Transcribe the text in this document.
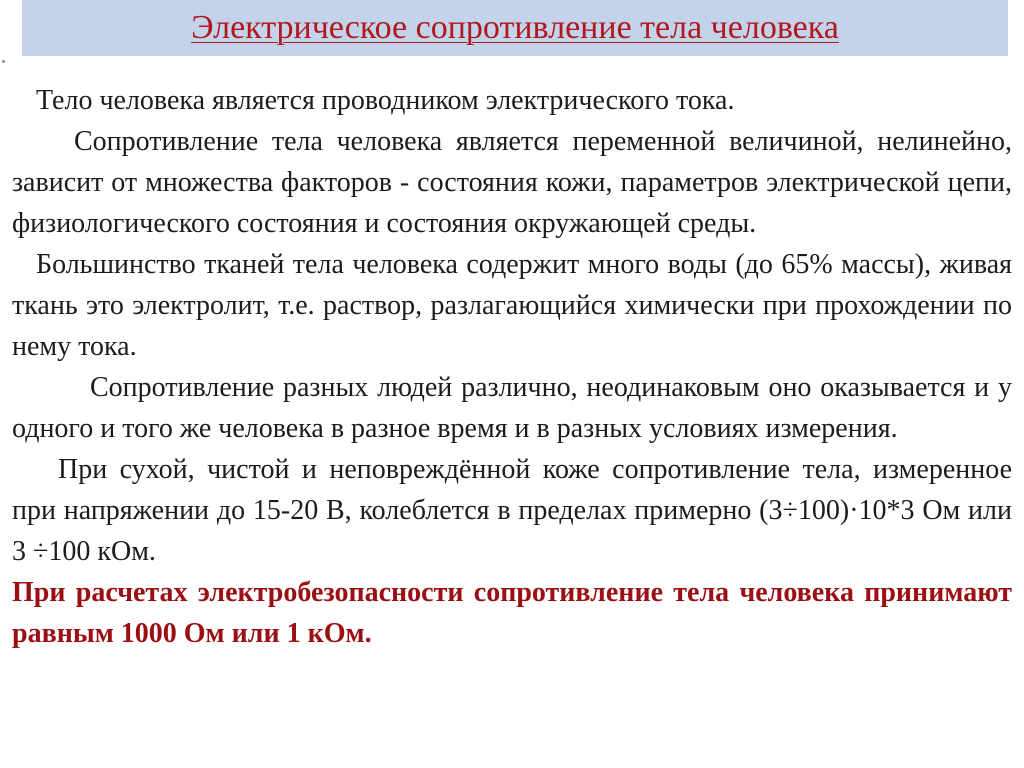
Электрическое сопротивление тела человека

Тело человека является проводником электрического тока.

Сопротивление тела человека является переменной величиной, нелинейно, зависит от множества факторов - состояния кожи, параметров электрической цепи, физиологического состояния и состояния окружающей среды.

Большинство тканей тела человека содержит много воды (до 65% массы), живая ткань это электролит, т.е. раствор, разлагающийся химически при прохождении по нему тока.

Сопротивление разных людей различно, неодинаковым оно оказывается и у одного и того же человека в разное время и в разных условиях измерения.

При сухой, чистой и неповреждённой коже сопротивление тела, измеренное при напряжении до 15-20 В, колеблется в пределах примерно (3÷100)·10*3 Ом или 3 ÷100 кОм.

При расчетах электробезопасности сопротивление тела человека принимают равным 1000 Ом или 1 кОм.
